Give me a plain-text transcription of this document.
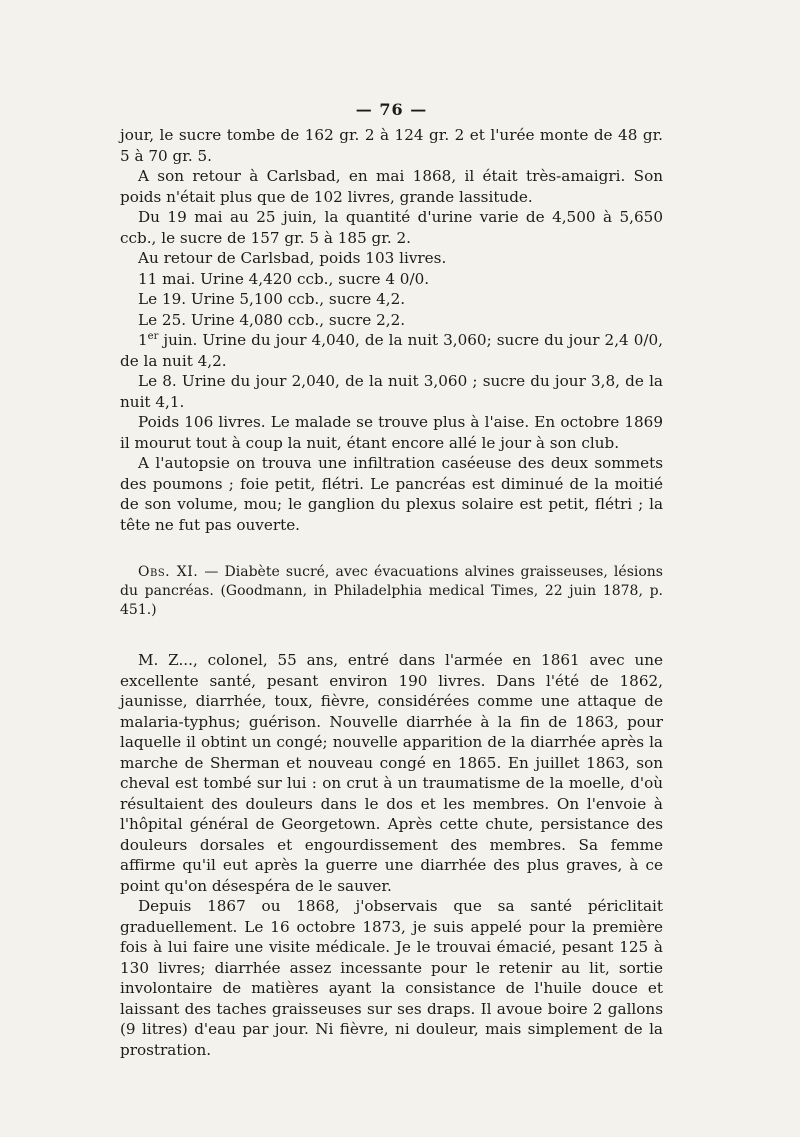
— 76 —

jour, le sucre tombe de 162 gr. 2 à 124 gr. 2 et l'urée monte de 48 gr. 5 à 70 gr. 5.

A son retour à Carlsbad, en mai 1868, il était très-amaigri. Son poids n'était plus que de 102 livres, grande lassitude.

Du 19 mai au 25 juin, la quantité d'urine varie de 4,500 à 5,650 ccb., le sucre de 157 gr. 5 à 185 gr. 2.

Au retour de Carlsbad, poids 103 livres.

11 mai. Urine 4,420 ccb., sucre 4 0/0.

Le 19. Urine 5,100 ccb., sucre 4,2.

Le 25. Urine 4,080 ccb., sucre 2,2.

1er juin. Urine du jour 4,040, de la nuit 3,060; sucre du jour 2,4 0/0, de la nuit 4,2.

Le 8. Urine du jour 2,040, de la nuit 3,060 ; sucre du jour 3,8, de la nuit 4,1.

Poids 106 livres. Le malade se trouve plus à l'aise. En octobre 1869 il mourut tout à coup la nuit, étant encore allé le jour à son club.

A l'autopsie on trouva une infiltration caséeuse des deux sommets des poumons ; foie petit, flétri. Le pancréas est diminué de la moitié de son volume, mou; le ganglion du plexus solaire est petit, flétri ; la tête ne fut pas ouverte.

Obs. XI. — Diabète sucré, avec évacuations alvines graisseuses, lésions du pancréas. (Goodmann, in Philadelphia medical Times, 22 juin 1878, p. 451.)

M. Z..., colonel, 55 ans, entré dans l'armée en 1861 avec une excellente santé, pesant environ 190 livres. Dans l'été de 1862, jaunisse, diarrhée, toux, fièvre, considérées comme une attaque de malaria-typhus; guérison. Nouvelle diarrhée à la fin de 1863, pour laquelle il obtint un congé; nouvelle apparition de la diarrhée après la marche de Sherman et nouveau congé en 1865. En juillet 1863, son cheval est tombé sur lui : on crut à un traumatisme de la moelle, d'où résultaient des douleurs dans le dos et les membres. On l'envoie à l'hôpital général de Georgetown. Après cette chute, persistance des douleurs dorsales et engourdissement des membres. Sa femme affirme qu'il eut après la guerre une diarrhée des plus graves, à ce point qu'on désespéra de le sauver.

Depuis 1867 ou 1868, j'observais que sa santé périclitait graduellement. Le 16 octobre 1873, je suis appelé pour la première fois à lui faire une visite médicale. Je le trouvai émacié, pesant 125 à 130 livres; diarrhée assez incessante pour le retenir au lit, sortie involontaire de matières ayant la consistance de l'huile douce et laissant des taches graisseuses sur ses draps. Il avoue boire 2 gallons (9 litres) d'eau par jour. Ni fièvre, ni douleur, mais simplement de la prostration.
